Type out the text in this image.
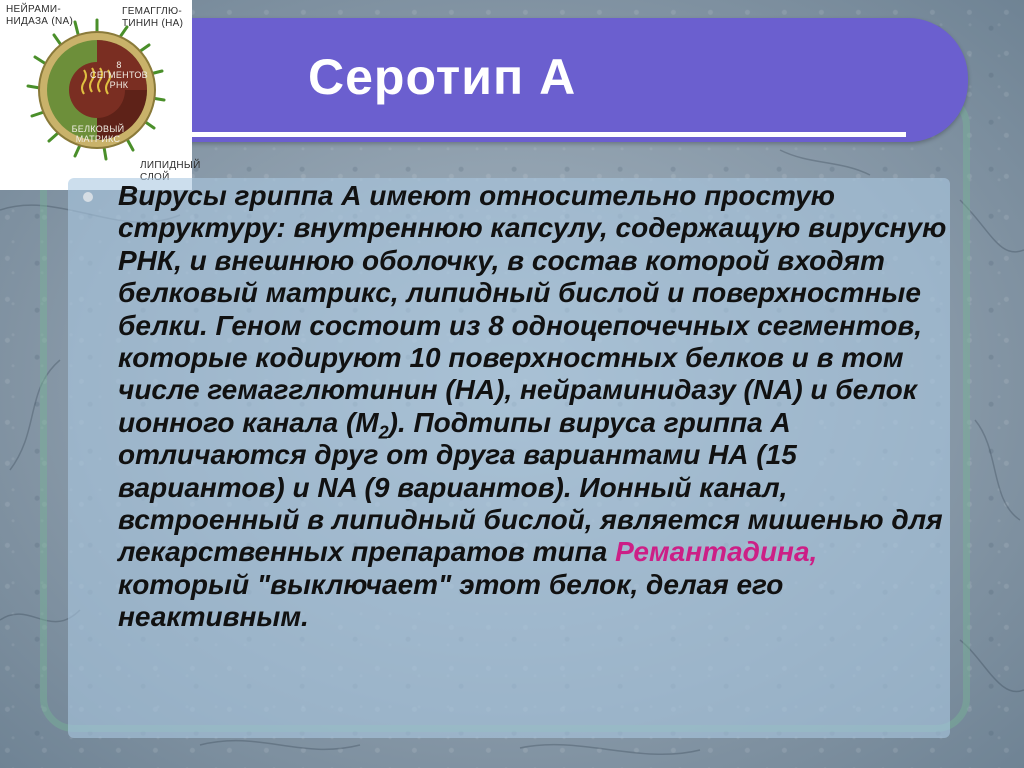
Серотип А
НЕЙРАМИ-
НИДАЗА (NA)
ГЕМАГГЛЮ-
ТИНИН (HA)
8
СЕГМЕНТОВ
РНК
БЕЛКОВЫЙ
МАТРИКС
ЛИПИДНЫЙ

Вирусы гриппа А имеют относительно простую структуру: внутреннюю капсулу, содержащую вирусную РНК, и внешнюю оболочку, в состав которой входят белковый матрикс, липидный бислой и поверхностные белки. Геном состоит из 8 одноцепочечных сегментов, которые кодируют 10 поверхностных белков и в том числе гемагглютинин (НА), нейраминидазу (NA) и белок ионного канала $(М_2)$. Подтипы вируса гриппа А отличаются друг от друга вариантами НА (15 вариантов) и NA (9 вариантов). Ионный канал, встроенный в липидный бислой, является мишенью для лекарственных препаратов типа Ремантадина, который "выключает" этот белок, делая его неактивным.
